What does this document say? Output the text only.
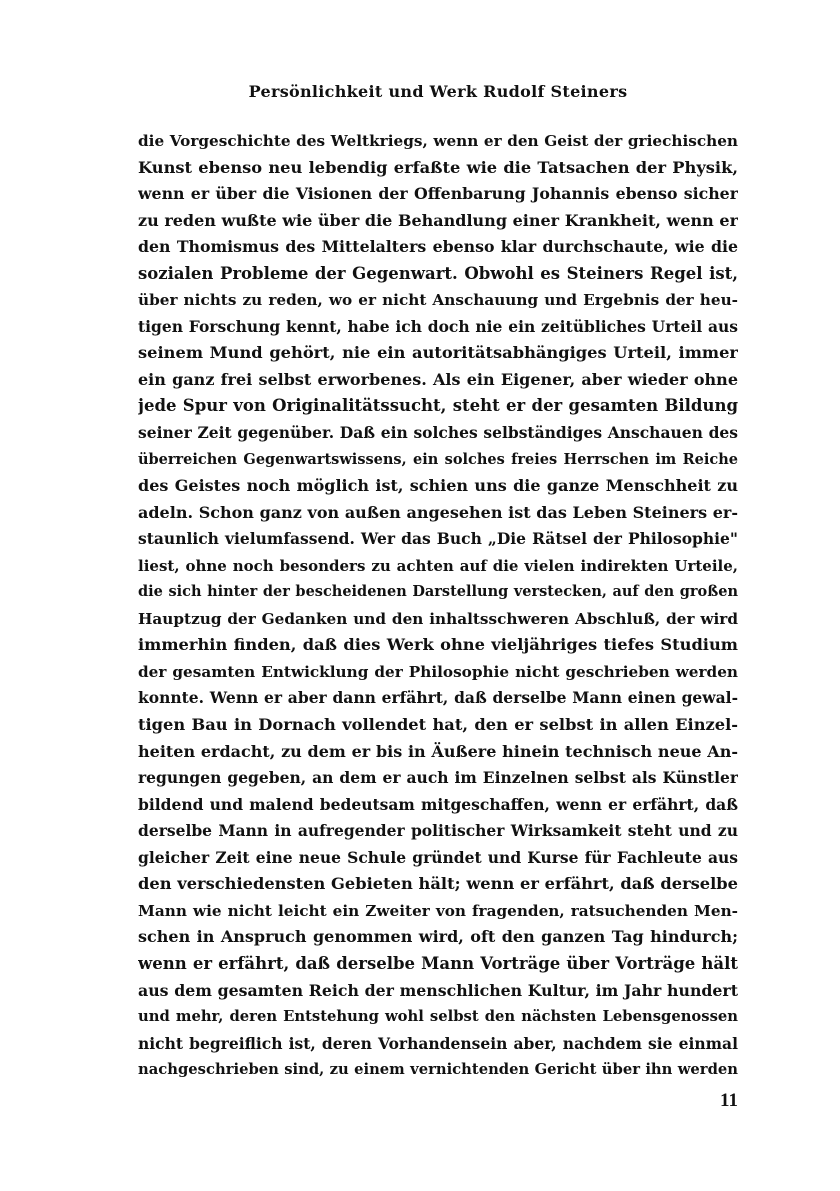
Persönlichkeit und Werk Rudolf Steiners
die Vorgeschichte des Weltkriegs, wenn er den Geist der griechischen
Kunst ebenso neu lebendig erfaßte wie die Tatsachen der Physik,
wenn er über die Visionen der Offenbarung Johannis ebenso sicher
zu reden wußte wie über die Behandlung einer Krankheit, wenn er
den Thomismus des Mittelalters ebenso klar durchschaute, wie die
sozialen Probleme der Gegenwart. Obwohl es Steiners Regel ist,
über nichts zu reden, wo er nicht Anschauung und Ergebnis der heu-
tigen Forschung kennt, habe ich doch nie ein zeitübliches Urteil aus
seinem Mund gehört, nie ein autoritätsabhängiges Urteil, immer
ein ganz frei selbst erworbenes. Als ein Eigener, aber wieder ohne
jede Spur von Originalitätssucht, steht er der gesamten Bildung
seiner Zeit gegenüber. Daß ein solches selbständiges Anschauen des
überreichen Gegenwartswissens, ein solches freies Herrschen im Reiche
des Geistes noch möglich ist, schien uns die ganze Menschheit zu
adeln. Schon ganz von außen angesehen ist das Leben Steiners er-
staunlich vielumfassend. Wer das Buch „Die Rätsel der Philosophie"
liest, ohne noch besonders zu achten auf die vielen indirekten Urteile,
die sich hinter der bescheidenen Darstellung verstecken, auf den großen
Hauptzug der Gedanken und den inhaltsschweren Abschluß, der wird
immerhin finden, daß dies Werk ohne vieljähriges tiefes Studium
der gesamten Entwicklung der Philosophie nicht geschrieben werden
konnte. Wenn er aber dann erfährt, daß derselbe Mann einen gewal-
tigen Bau in Dornach vollendet hat, den er selbst in allen Einzel-
heiten erdacht, zu dem er bis in Äußere hinein technisch neue An-
regungen gegeben, an dem er auch im Einzelnen selbst als Künstler
bildend und malend bedeutsam mitgeschaffen, wenn er erfährt, daß
derselbe Mann in aufregender politischer Wirksamkeit steht und zu
gleicher Zeit eine neue Schule gründet und Kurse für Fachleute aus
den verschiedensten Gebieten hält; wenn er erfährt, daß derselbe
Mann wie nicht leicht ein Zweiter von fragenden, ratsuchenden Men-
schen in Anspruch genommen wird, oft den ganzen Tag hindurch;
wenn er erfährt, daß derselbe Mann Vorträge über Vorträge hält
aus dem gesamten Reich der menschlichen Kultur, im Jahr hundert
und mehr, deren Entstehung wohl selbst den nächsten Lebensgenossen
nicht begreiflich ist, deren Vorhandensein aber, nachdem sie einmal
nachgeschrieben sind, zu einem vernichtenden Gericht über ihn werden
11
